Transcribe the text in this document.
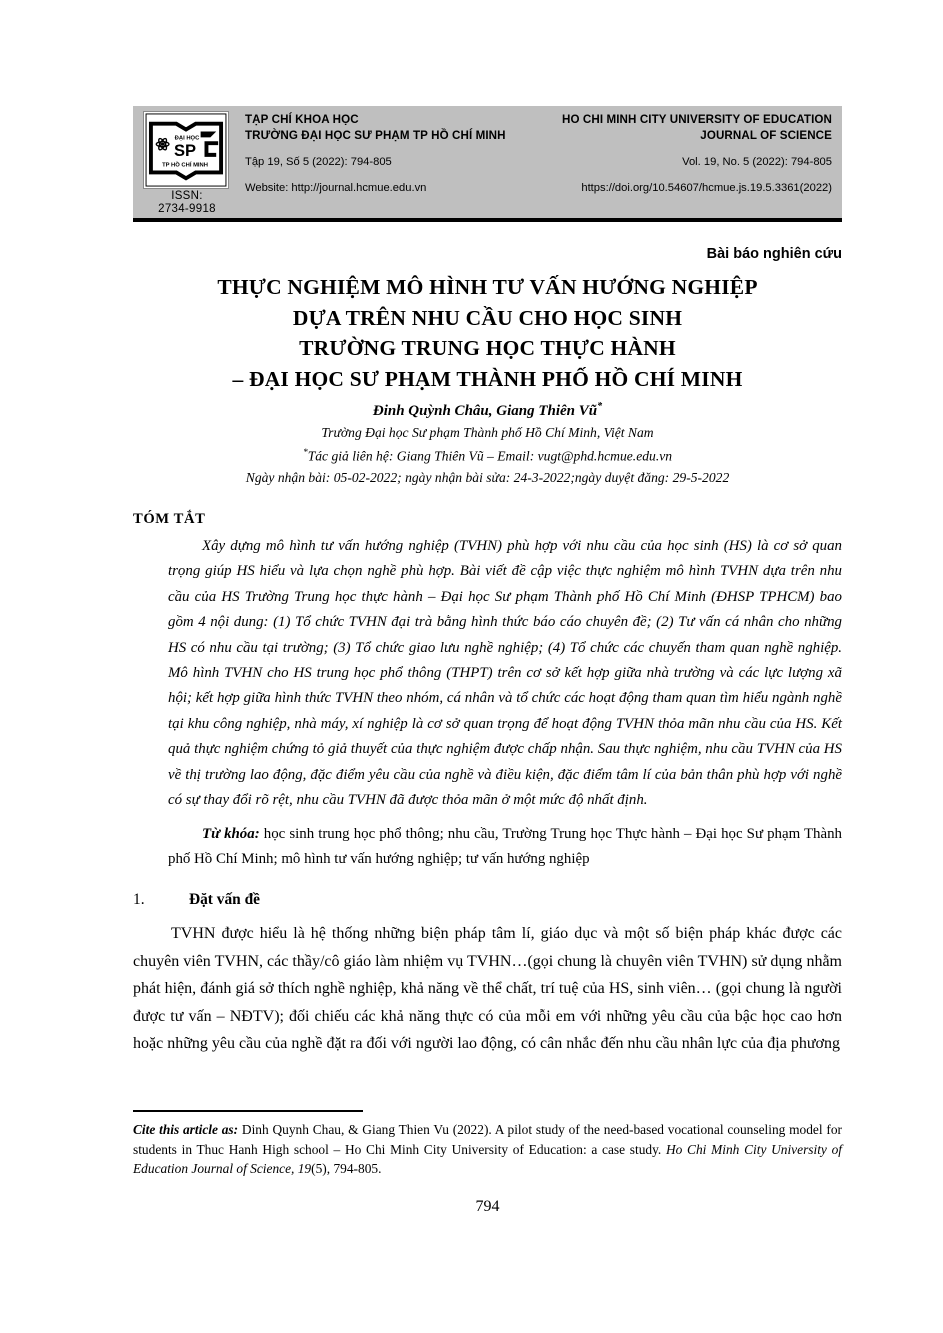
ĐẠI HỌC
SP
TP HỒ CHÍ MINH
ISSN:
2734-9918
TẠP CHÍ KHOA HỌC
TRƯỜNG ĐẠI HỌC SƯ PHẠM TP HỒ CHÍ MINH
Tập 19, Số 5 (2022): 794-805
Website: http://journal.hcmue.edu.vn
HO CHI MINH CITY UNIVERSITY OF EDUCATION
JOURNAL OF SCIENCE
Vol. 19, No. 5 (2022): 794-805
https://doi.org/10.54607/hcmue.js.19.5.3361(2022)
Bài báo nghiên cứu
THỰC NGHIỆM MÔ HÌNH TƯ VẤN HƯỚNG NGHIỆP
DỰA TRÊN NHU CẦU CHO HỌC SINH
TRƯỜNG TRUNG HỌC THỰC HÀNH
– ĐẠI HỌC SƯ PHẠM THÀNH PHỐ HỒ CHÍ MINH
Đinh Quỳnh Châu, Giang Thiên Vũ*
Trường Đại học Sư phạm Thành phố Hồ Chí Minh, Việt Nam
*Tác giả liên hệ: Giang Thiên Vũ – Email: vugt@phd.hcmue.edu.vn
Ngày nhận bài: 05-02-2022; ngày nhận bài sửa: 24-3-2022;ngày duyệt đăng: 29-5-2022
TÓM TẮT
Xây dựng mô hình tư vấn hướng nghiệp (TVHN) phù hợp với nhu cầu của học sinh (HS) là cơ sở quan trọng giúp HS hiểu và lựa chọn nghề phù hợp. Bài viết đề cập việc thực nghiệm mô hình TVHN dựa trên nhu cầu của HS Trường Trung học thực hành – Đại học Sư phạm Thành phố Hồ Chí Minh (ĐHSP TPHCM) bao gồm 4 nội dung: (1) Tổ chức TVHN đại trà bằng hình thức báo cáo chuyên đề; (2) Tư vấn cá nhân cho những HS có nhu cầu tại trường; (3) Tổ chức giao lưu nghề nghiệp; (4) Tổ chức các chuyến tham quan nghề nghiệp. Mô hình TVHN cho HS trung học phổ thông (THPT) trên cơ sở kết hợp giữa nhà trường và các lực lượng xã hội; kết hợp giữa hình thức TVHN theo nhóm, cá nhân và tổ chức các hoạt động tham quan tìm hiểu ngành nghề tại khu công nghiệp, nhà máy, xí nghiệp là cơ sở quan trọng để hoạt động TVHN thỏa mãn nhu cầu của HS. Kết quả thực nghiệm chứng tỏ giả thuyết của thực nghiệm được chấp nhận. Sau thực nghiệm, nhu cầu TVHN của HS về thị trường lao động, đặc điểm yêu cầu của nghề và điều kiện, đặc điểm tâm lí của bản thân phù hợp với nghề có sự thay đổi rõ rệt, nhu cầu TVHN đã được thỏa mãn ở một mức độ nhất định.
Từ khóa: học sinh trung học phổ thông; nhu cầu, Trường Trung học Thực hành – Đại học Sư phạm Thành phố Hồ Chí Minh; mô hình tư vấn hướng nghiệp; tư vấn hướng nghiệp
1.	Đặt vấn đề
TVHN được hiểu là hệ thống những biện pháp tâm lí, giáo dục và một số biện pháp khác được các chuyên viên TVHN, các thầy/cô giáo làm nhiệm vụ TVHN…(gọi chung là chuyên viên TVHN) sử dụng nhằm phát hiện, đánh giá sở thích nghề nghiệp, khả năng về thể chất, trí tuệ của HS, sinh viên… (gọi chung là người được tư vấn – NĐTV); đối chiếu các khả năng thực có của mỗi em với những yêu cầu của bậc học cao hơn hoặc những yêu cầu của nghề đặt ra đối với người lao động, có cân nhắc đến nhu cầu nhân lực của địa phương
Cite this article as: Dinh Quynh Chau, & Giang Thien Vu (2022). A pilot study of the need-based vocational counseling model for students in Thuc Hanh High school – Ho Chi Minh City University of Education: a case study. Ho Chi Minh City University of Education Journal of Science, 19(5), 794-805.
794
